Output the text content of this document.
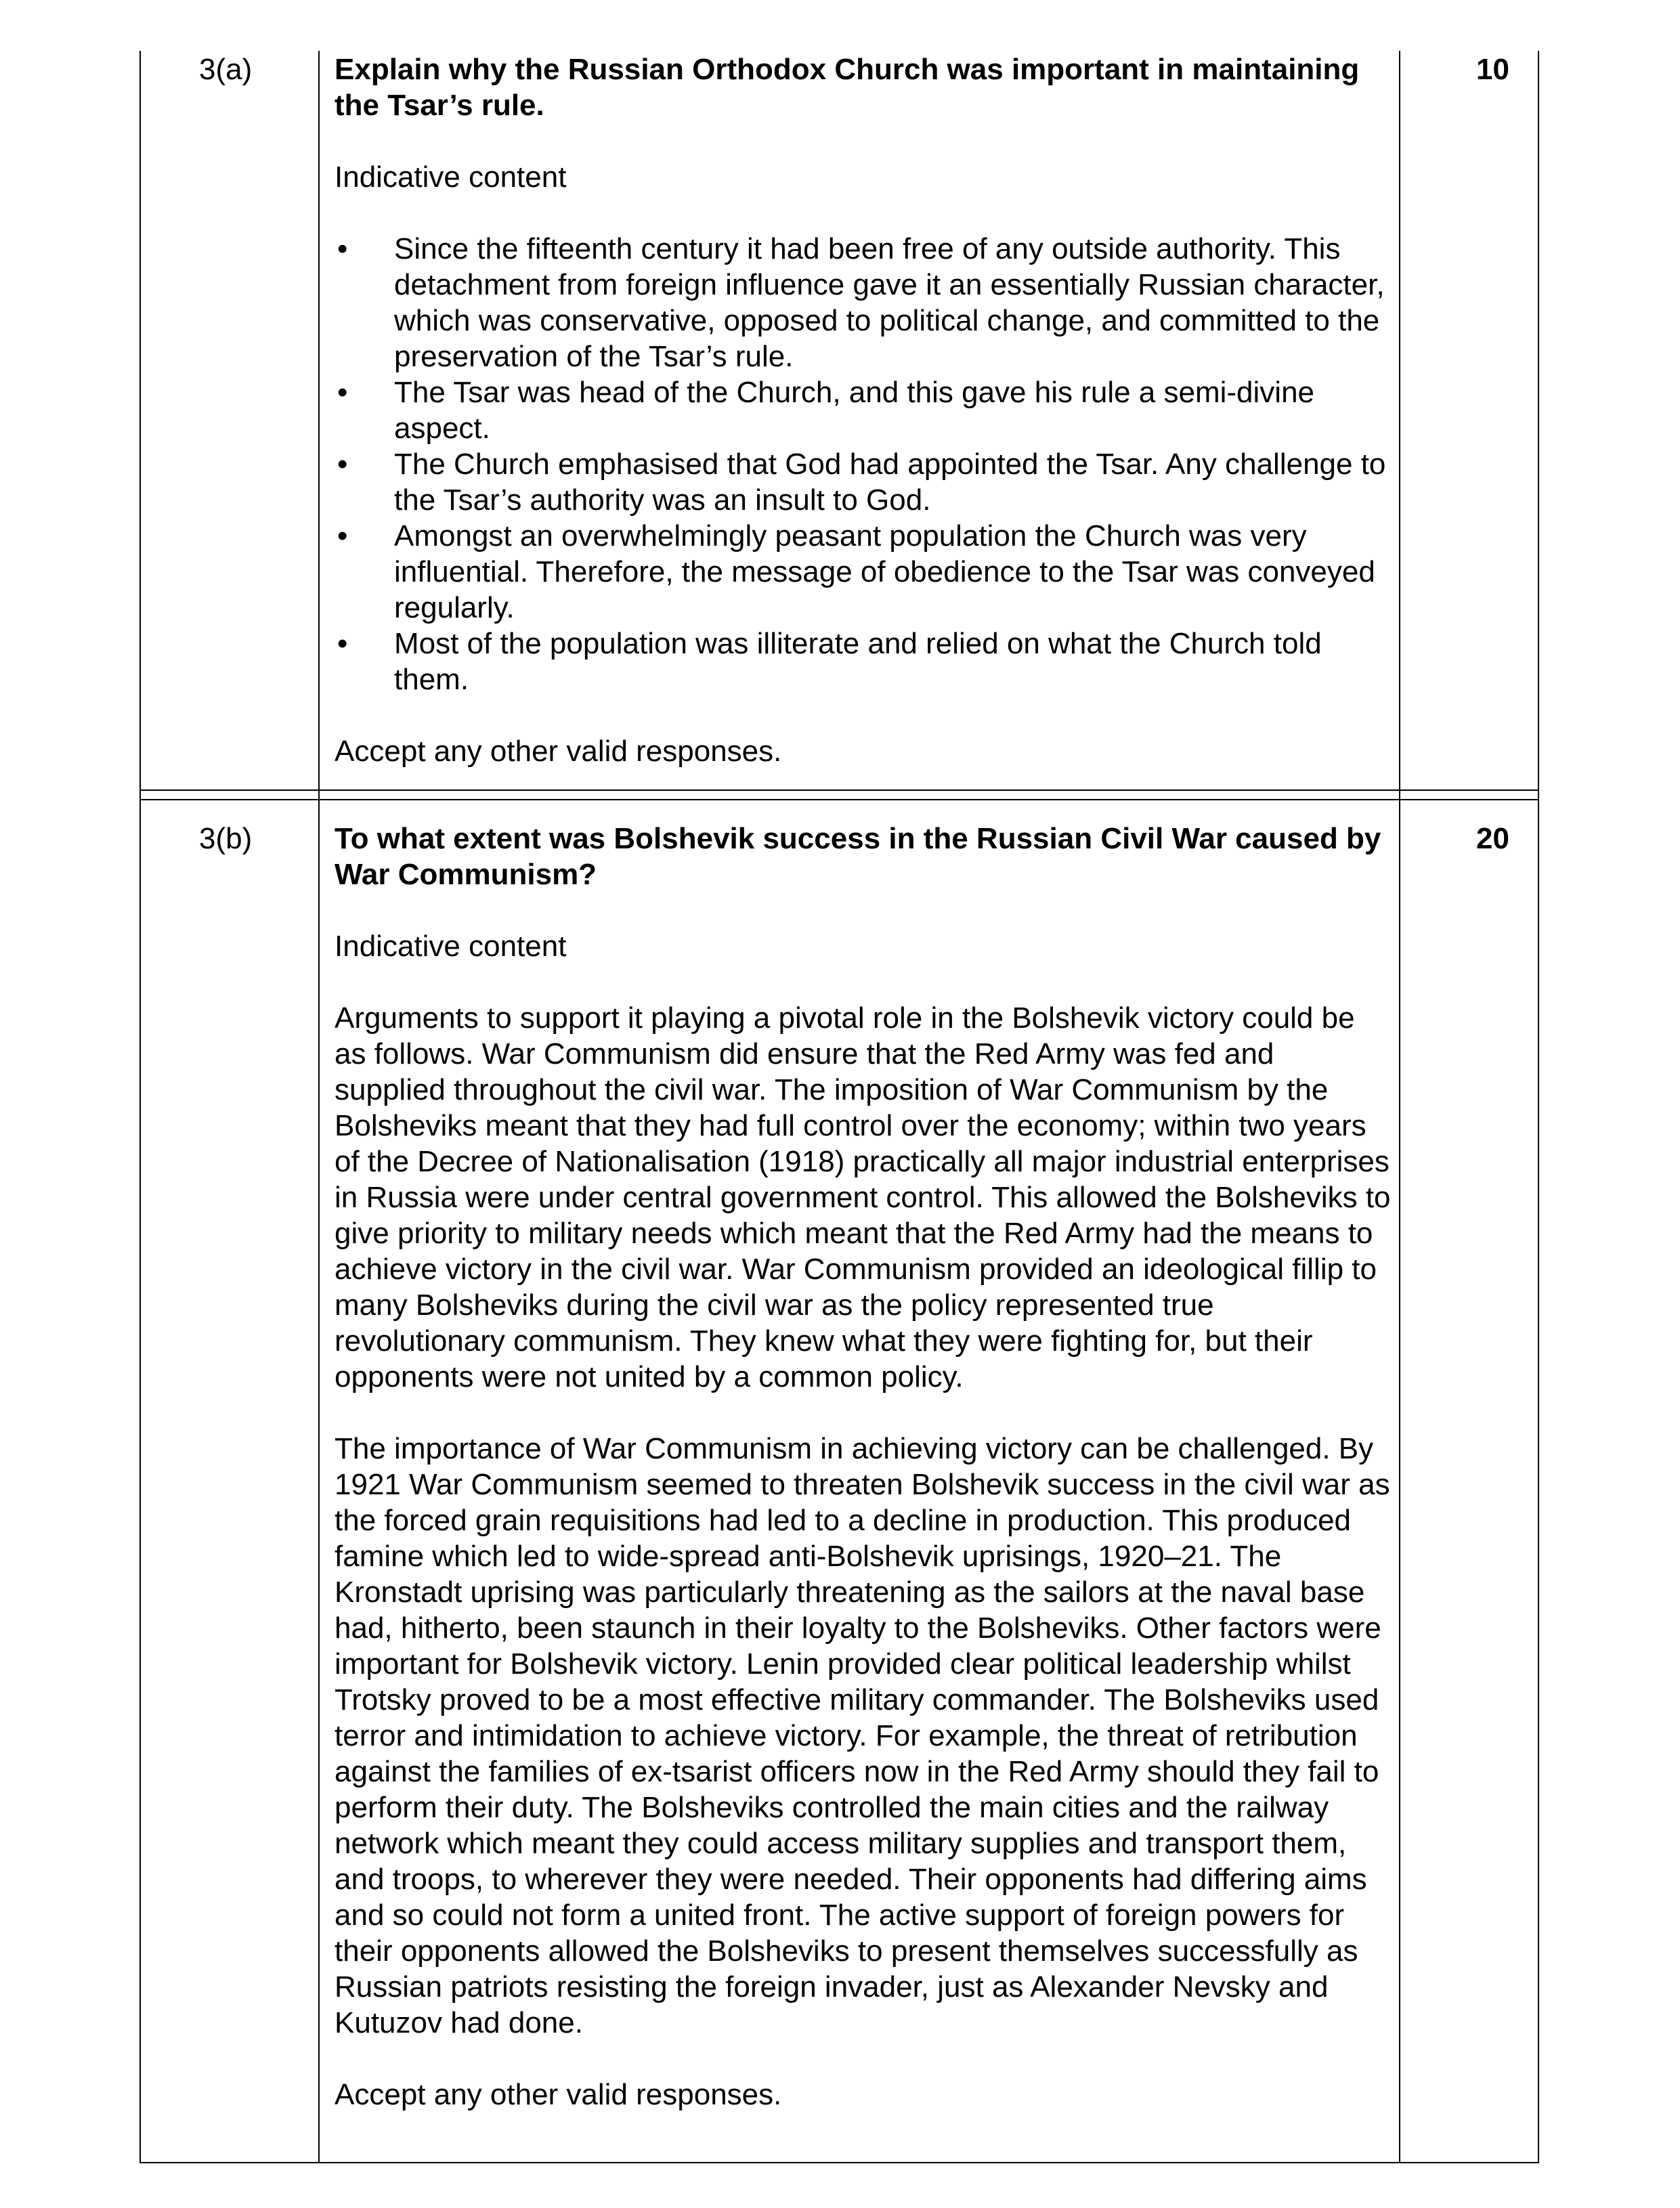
3(a)	10

Explain why the Russian Orthodox Church was important in maintaining the Tsar’s rule.

Indicative content

• Since the fifteenth century it had been free of any outside authority. This detachment from foreign influence gave it an essentially Russian character, which was conservative, opposed to political change, and committed to the preservation of the Tsar’s rule.
• The Tsar was head of the Church, and this gave his rule a semi-divine aspect.
• The Church emphasised that God had appointed the Tsar. Any challenge to the Tsar’s authority was an insult to God.
• Amongst an overwhelmingly peasant population the Church was very influential. Therefore, the message of obedience to the Tsar was conveyed regularly.
• Most of the population was illiterate and relied on what the Church told them.

Accept any other valid responses.

3(b)	20

To what extent was Bolshevik success in the Russian Civil War caused by War Communism?

Indicative content

Arguments to support it playing a pivotal role in the Bolshevik victory could be as follows. War Communism did ensure that the Red Army was fed and supplied throughout the civil war. The imposition of War Communism by the Bolsheviks meant that they had full control over the economy; within two years of the Decree of Nationalisation (1918) practically all major industrial enterprises in Russia were under central government control. This allowed the Bolsheviks to give priority to military needs which meant that the Red Army had the means to achieve victory in the civil war. War Communism provided an ideological fillip to many Bolsheviks during the civil war as the policy represented true revolutionary communism. They knew what they were fighting for, but their opponents were not united by a common policy.

The importance of War Communism in achieving victory can be challenged. By 1921 War Communism seemed to threaten Bolshevik success in the civil war as the forced grain requisitions had led to a decline in production. This produced famine which led to wide-spread anti-Bolshevik uprisings, 1920–21. The Kronstadt uprising was particularly threatening as the sailors at the naval base had, hitherto, been staunch in their loyalty to the Bolsheviks. Other factors were important for Bolshevik victory. Lenin provided clear political leadership whilst Trotsky proved to be a most effective military commander. The Bolsheviks used terror and intimidation to achieve victory. For example, the threat of retribution against the families of ex-tsarist officers now in the Red Army should they fail to perform their duty. The Bolsheviks controlled the main cities and the railway network which meant they could access military supplies and transport them, and troops, to wherever they were needed. Their opponents had differing aims and so could not form a united front. The active support of foreign powers for their opponents allowed the Bolsheviks to present themselves successfully as Russian patriots resisting the foreign invader, just as Alexander Nevsky and Kutuzov had done.

Accept any other valid responses.
